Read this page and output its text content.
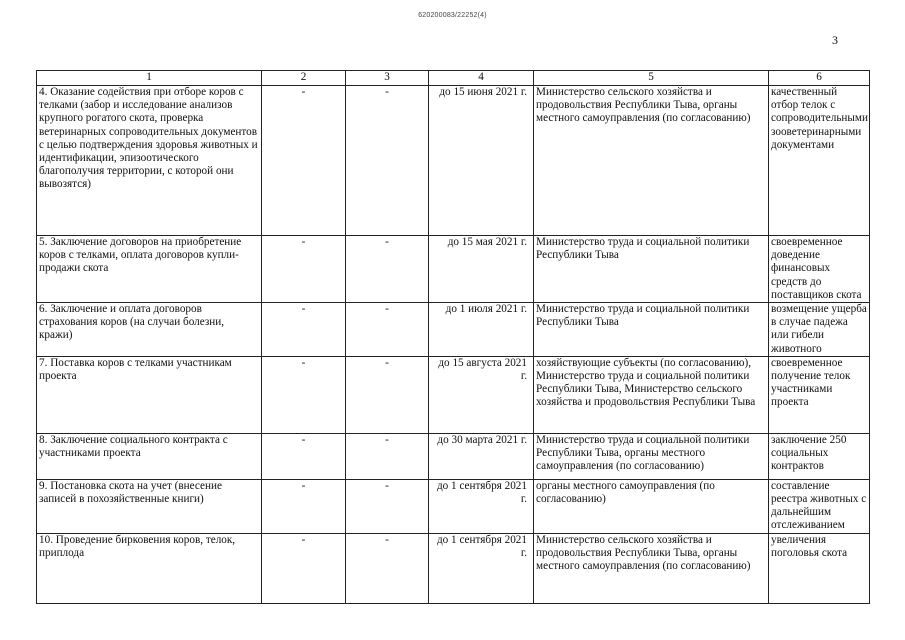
620200083/22252(4)
3
1	2	3	4	5	6
4. Оказание содействия при отборе коров с телками (забор и исследование анализов крупного рогатого скота, проверка ветеринарных сопроводительных документов с целью подтверждения здоровья животных и идентификации, эпизоотического благополучия территории, с которой они вывозятся)	-	-	до 15 июня 2021 г.	Министерство сельского хозяйства и продовольствия Республики Тыва, органы местного самоуправления (по согласованию)	качественный отбор телок с сопроводительными зооветеринарными документами
5. Заключение договоров на приобретение коров с телками, оплата договоров купли-продажи скота	-	-	до 15 мая 2021 г.	Министерство труда и социальной политики Республики Тыва	своевременное доведение финансовых средств до поставщиков скота
6. Заключение и оплата договоров страхования коров (на случаи болезни, кражи)	-	-	до 1 июля 2021 г.	Министерство труда и социальной политики Республики Тыва	возмещение ущерба в случае падежа или гибели животного
7. Поставка коров с телками участникам проекта	-	-	до 15 августа 2021 г.	хозяйствующие субъекты (по согласованию), Министерство труда и социальной политики Республики Тыва, Министерство сельского хозяйства и продовольствия Республики Тыва	своевременное получение телок участниками проекта
8. Заключение социального контракта с участниками проекта	-	-	до 30 марта 2021 г.	Министерство труда и социальной политики Республики Тыва, органы местного самоуправления (по согласованию)	заключение 250 социальных контрактов
9. Постановка скота на учет (внесение записей в похозяйственные книги)	-	-	до 1 сентября 2021 г.	органы местного самоуправления (по согласованию)	составление реестра животных с дальнейшим отслеживанием
10. Проведение бирковения коров, телок, приплода	-	-	до 1 сентября 2021 г.	Министерство сельского хозяйства и продовольствия Республики Тыва, органы местного самоуправления (по согласованию)	увеличения поголовья скота
